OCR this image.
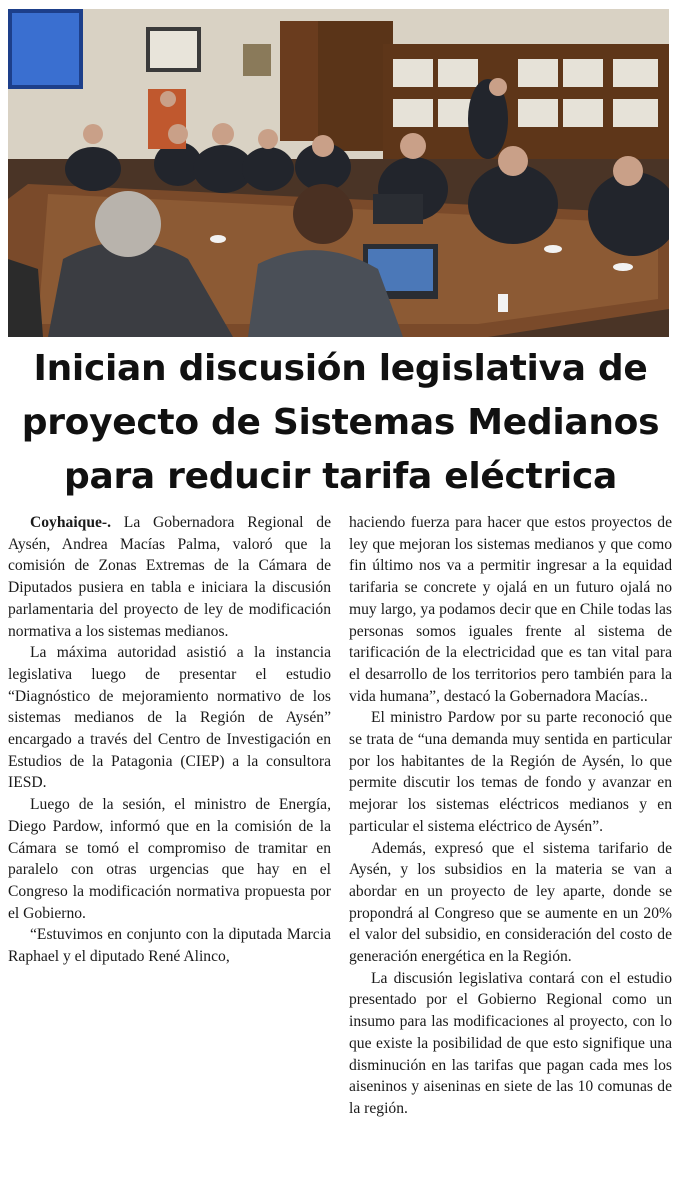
Inician discusión legislativa de proyecto de Sistemas Medianos para reducir tarifa eléctrica

Coyhaique-. La Gobernadora Regional de Aysén, Andrea Macías Palma, valoró que la comisión de Zonas Extremas de la Cámara de Diputados pusiera en tabla e iniciara la discusión parlamentaria del proyecto de ley de modificación normativa a los sistemas medianos.

La máxima autoridad asistió a la instancia legislativa luego de presentar el estudio “Diagnóstico de mejoramiento normativo de los sistemas medianos de la Región de Aysén” encargado a través del Centro de Investigación en Estudios de la Patagonia (CIEP) a la consultora IESD.

Luego de la sesión, el ministro de Energía, Diego Pardow, informó que en la comisión de la Cámara se tomó el compromiso de tramitar en paralelo con otras urgencias que hay en el Congreso la modificación normativa propuesta por el Gobierno.

“Estuvimos en conjunto con la diputada Marcia Raphael y el diputado René Alinco,

haciendo fuerza para hacer que estos proyectos de ley que mejoran los sistemas medianos y que como fin último nos va a permitir ingresar a la equidad tarifaria se concrete y ojalá en un futuro ojalá no muy largo, ya podamos decir que en Chile todas las personas somos iguales frente al sistema de tarificación de la electricidad que es tan vital para el desarrollo de los territorios pero también para la vida humana”, destacó la Gobernadora Macías..

El ministro Pardow por su parte reconoció que se trata de “una demanda muy sentida en particular por los habitantes de la Región de Aysén, lo que permite discutir los temas de fondo y avanzar en mejorar los sistemas eléctricos medianos y en particular el sistema eléctrico de Aysén”.

Además, expresó que el sistema tarifario de Aysén, y los subsidios en la materia se van a abordar en un proyecto de ley aparte, donde se propondrá al Congreso que se aumente en un 20% el valor del subsidio, en consideración del costo de generación energética en la Región.

La discusión legislativa contará con el estudio presentado por el Gobierno Regional como un insumo para las modificaciones al proyecto, con lo que existe la posibilidad de que esto signifique una disminución en las tarifas que pagan cada mes los aiseninos y aiseninas en siete de las 10 comunas de la región.
